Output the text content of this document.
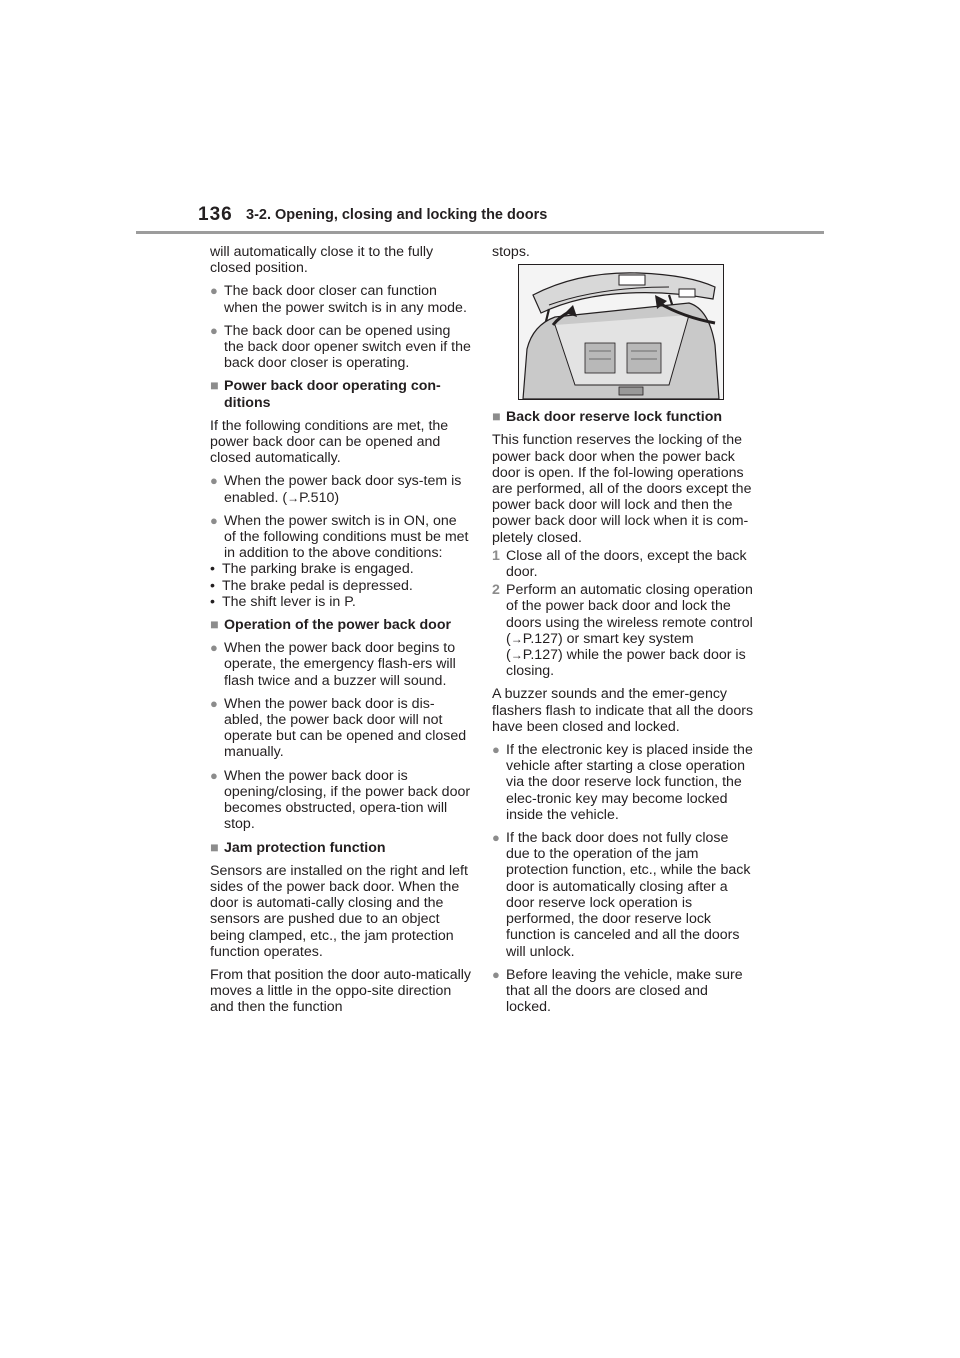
136 3-2. Opening, closing and locking the doors

will automatically close it to the fully closed position.

● The back door closer can function when the power switch is in any mode.
● The back door can be opened using the back door opener switch even if the back door closer is operating.
■ Power back door operating con-ditions

If the following conditions are met, the power back door can be opened and closed automatically.

● When the power back door sys-tem is enabled. (→P.510)
● When the power switch is in ON, one of the following conditions must be met in addition to the above conditions:
• The parking brake is engaged.
• The brake pedal is depressed.
• The shift lever is in P.
■ Operation of the power back door
● When the power back door begins to operate, the emergency flash-ers will flash twice and a buzzer will sound.
● When the power back door is dis-abled, the power back door will not operate but can be opened and closed manually.
● When the power back door is opening/closing, if the power back door becomes obstructed, opera-tion will stop.
■ Jam protection function

Sensors are installed on the right and left sides of the power back door. When the door is automati-cally closing and the sensors are pushed due to an object being clamped, etc., the jam protection function operates.

From that position the door auto-matically moves a little in the oppo-site direction and then the function

stops.

■ Back door reserve lock function

This function reserves the locking of the power back door when the power back door is open. If the fol-lowing operations are performed, all of the doors except the power back door will lock and then the power back door will lock when it is com-pletely closed.

1 Close all of the doors, except the back door.
2 Perform an automatic closing operation of the power back door and lock the doors using the wireless remote control (→P.127) or smart key system (→P.127) while the power back door is closing.

A buzzer sounds and the emer-gency flashers flash to indicate that all the doors have been closed and locked.

● If the electronic key is placed inside the vehicle after starting a close operation via the door reserve lock function, the elec-tronic key may become locked inside the vehicle.
● If the back door does not fully close due to the operation of the jam protection function, etc., while the back door is automatically closing after a door reserve lock operation is performed, the door reserve lock function is canceled and all the doors will unlock.
● Before leaving the vehicle, make sure that all the doors are closed and locked.
